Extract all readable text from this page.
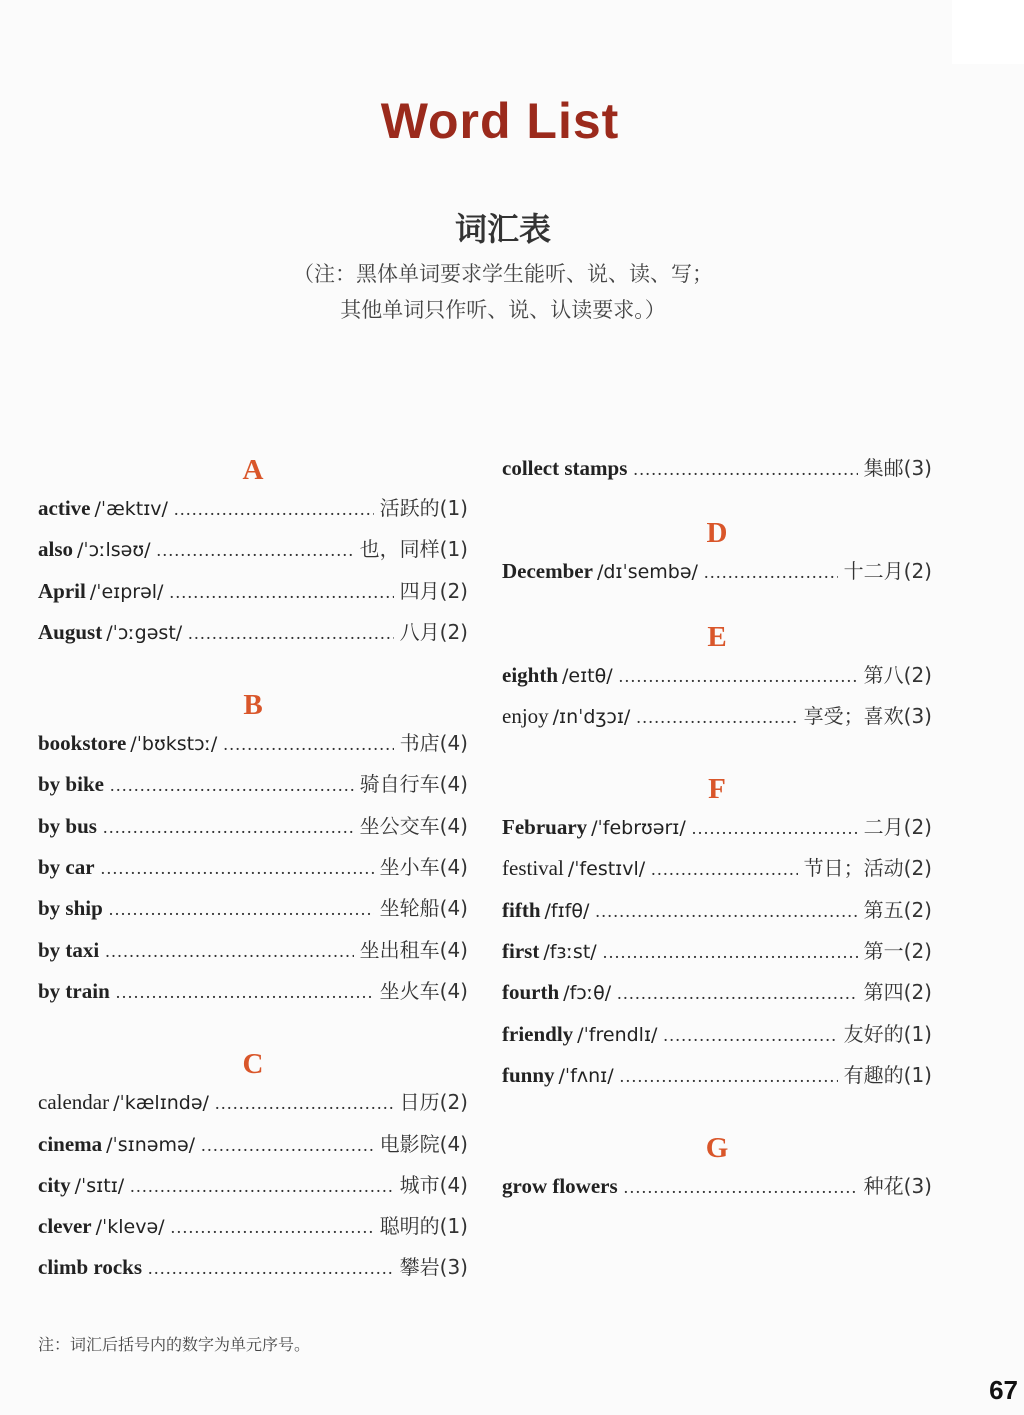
Word List
词汇表
（注：黑体单词要求学生能听、说、读、写；
其他单词只作听、说、认读要求。）
A
active /ˈæktɪv/ .....	活跃的(1)
also /ˈɔːlsəʊ/ .....	也，同样(1)
April /ˈeɪprəl/ .....	四月(2)
August /ˈɔːgəst/ .....	八月(2)
B
bookstore /ˈbʊkstɔː/ .....	书店(4)
by bike .....	骑自行车(4)
by bus .....	坐公交车(4)
by car .....	坐小车(4)
by ship .....	坐轮船(4)
by taxi .....	坐出租车(4)
by train .....	坐火车(4)
C
calendar /ˈkælɪndə/ .....	日历(2)
cinema /ˈsɪnəmə/ .....	电影院(4)
city /ˈsɪtɪ/ .....	城市(4)
clever /ˈklevə/ .....	聪明的(1)
climb rocks .....	攀岩(3)
collect stamps .....	集邮(3)
D
December /dɪˈsembə/ .....	十二月(2)
E
eighth /eɪtθ/ .....	第八(2)
enjoy /ɪnˈdʒɔɪ/ .....	享受；喜欢(3)
F
February /ˈfebrʊərɪ/ .....	二月(2)
festival /ˈfestɪvl/ .....	节日；活动(2)
fifth /fɪfθ/ .....	第五(2)
first /fɜːst/ .....	第一(2)
fourth /fɔːθ/ .....	第四(2)
friendly /ˈfrendlɪ/ .....	友好的(1)
funny /ˈfʌnɪ/ .....	有趣的(1)
G
grow flowers .....	种花(3)
注：词汇后括号内的数字为单元序号。
67
